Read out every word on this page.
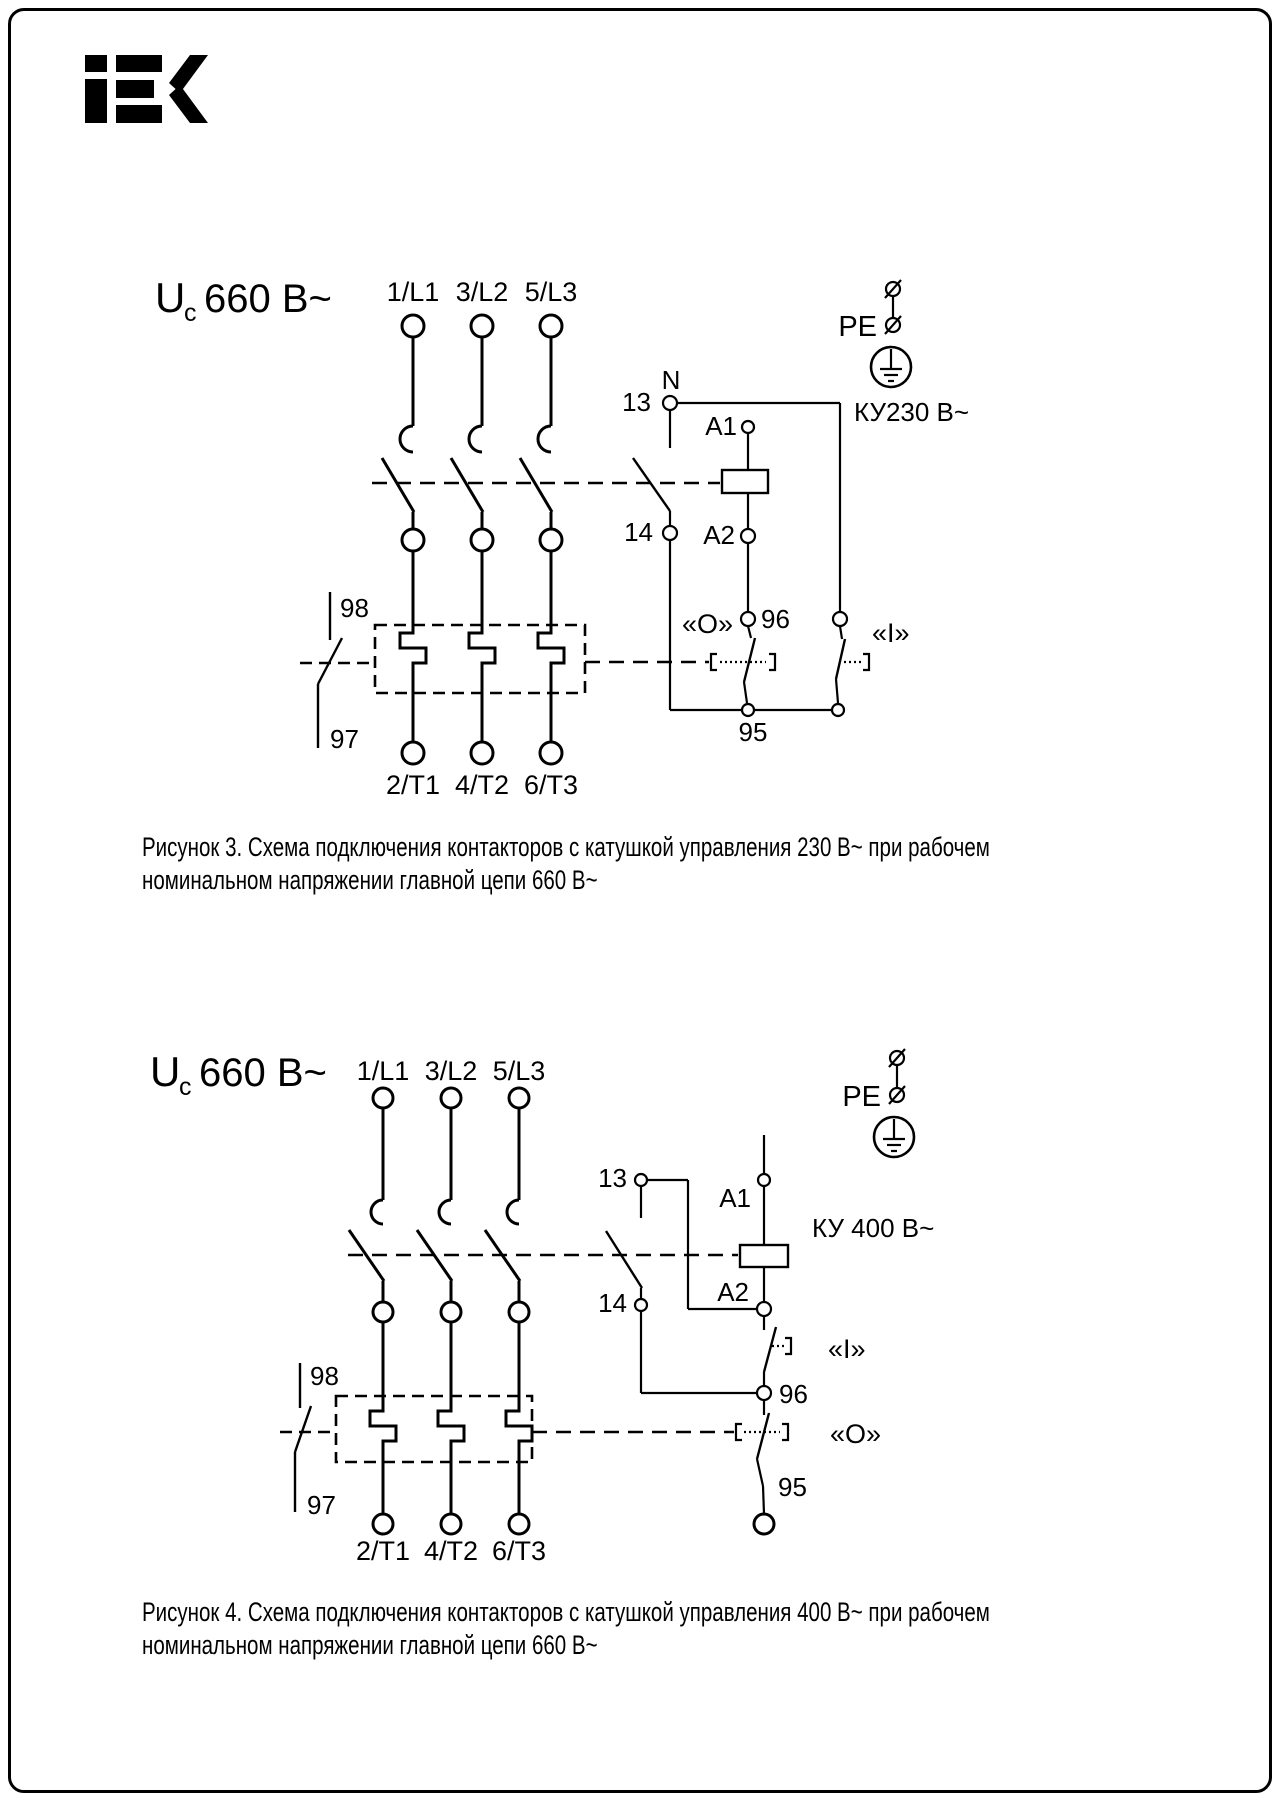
U
c 660 В~ 1/L1 3/L2 5/L3
98
97
2/T1 4/T2 6/T3
13
N
14
A1
A2
96
«О»	«I»
95
КУ230 В~
PE
Рисунок 3. Схема подключения контакторов с катушкой управления 230 В~ при рабочем
номинальном напряжении главной цепи 660 В~
U
c 660 В~ 1/L1 3/L2 5/L3
98
97
2/T1 4/T2 6/T3
13
14
A1
A2
«I»
96
«О»
95
КУ 400 В~
PE
Рисунок 4. Схема подключения контакторов с катушкой управления 400 В~ при рабочем
номинальном напряжении главной цепи 660 В~
